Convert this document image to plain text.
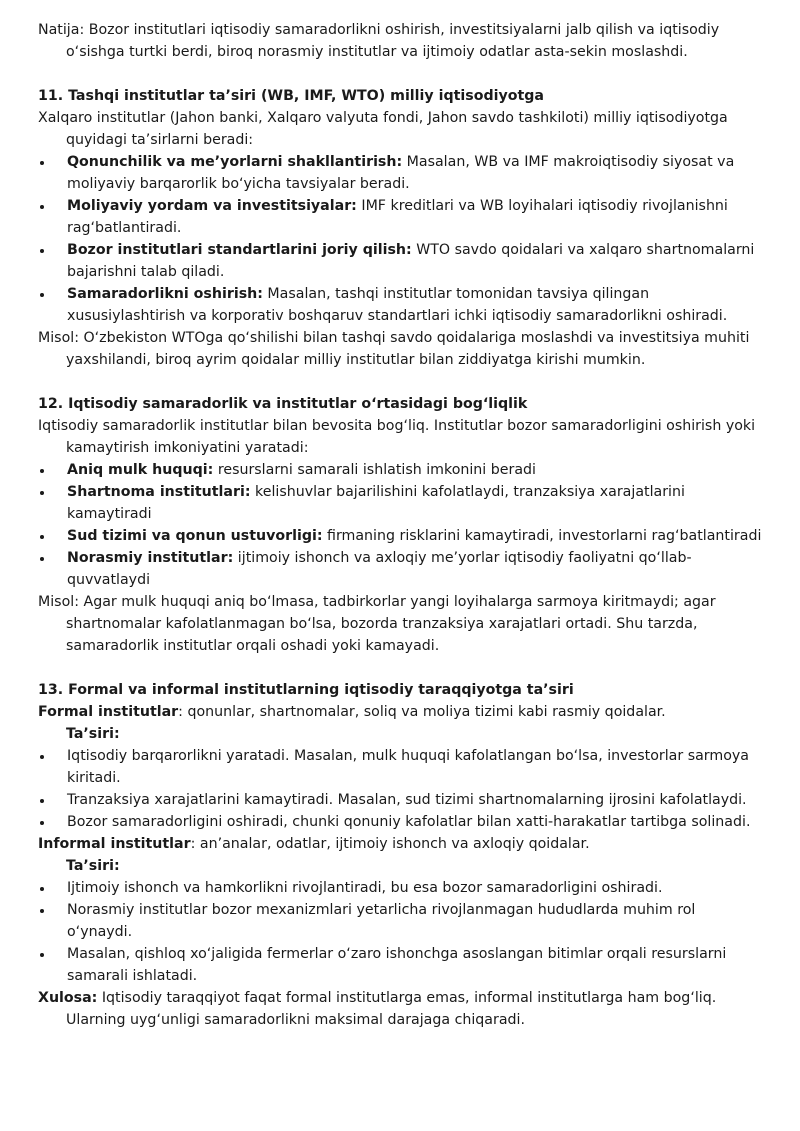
Natija: Bozor institutlari iqtisodiy samaradorlikni oshirish, investitsiyalarni jalb qilish va iqtisodiy o‘sishga turtki berdi, biroq norasmiy institutlar va ijtimoiy odatlar asta-sekin moslashdi.

11. Tashqi institutlar ta’siri (WB, IMF, WTO) milliy iqtisodiyotga

Xalqaro institutlar (Jahon banki, Xalqaro valyuta fondi, Jahon savdo tashkiloti) milliy iqtisodiyotga quyidagi ta’sirlarni beradi:

Qonunchilik va me’yorlarni shakllantirish: Masalan, WB va IMF makroiqtisodiy siyosat va moliyaviy barqarorlik bo‘yicha tavsiyalar beradi.
Moliyaviy yordam va investitsiyalar: IMF kreditlari va WB loyihalari iqtisodiy rivojlanishni rag‘batlantiradi.
Bozor institutlari standartlarini joriy qilish: WTO savdo qoidalari va xalqaro shartnomalarni bajarishni talab qiladi.
Samaradorlikni oshirish: Masalan, tashqi institutlar tomonidan tavsiya qilingan xususiylashtirish va korporativ boshqaruv standartlari ichki iqtisodiy samaradorlikni oshiradi.

Misol: O‘zbekiston WTOga qo‘shilishi bilan tashqi savdo qoidalariga moslashdi va investitsiya muhiti yaxshilandi, biroq ayrim qoidalar milliy institutlar bilan ziddiyatga kirishi mumkin.

12. Iqtisodiy samaradorlik va institutlar o‘rtasidagi bog‘liqlik

Iqtisodiy samaradorlik institutlar bilan bevosita bog‘liq. Institutlar bozor samaradorligini oshirish yoki kamaytirish imkoniyatini yaratadi:

Aniq mulk huquqi: resurslarni samarali ishlatish imkonini beradi
Shartnoma institutlari: kelishuvlar bajarilishini kafolatlaydi, tranzaksiya xarajatlarini kamaytiradi
Sud tizimi va qonun ustuvorligi: firmaning risklarini kamaytiradi, investorlarni rag‘batlantiradi
Norasmiy institutlar: ijtimoiy ishonch va axloqiy me’yorlar iqtisodiy faoliyatni qo‘llab-quvvatlaydi

Misol: Agar mulk huquqi aniq bo‘lmasa, tadbirkorlar yangi loyihalarga sarmoya kiritmaydi; agar shartnomalar kafolatlanmagan bo‘lsa, bozorda tranzaksiya xarajatlari ortadi. Shu tarzda, samaradorlik institutlar orqali oshadi yoki kamayadi.

13. Formal va informal institutlarning iqtisodiy taraqqiyotga ta’siri

Formal institutlar: qonunlar, shartnomalar, soliq va moliya tizimi kabi rasmiy qoidalar.

Ta’siri:

Iqtisodiy barqarorlikni yaratadi. Masalan, mulk huquqi kafolatlangan bo‘lsa, investorlar sarmoya kiritadi.
Tranzaksiya xarajatlarini kamaytiradi. Masalan, sud tizimi shartnomalarning ijrosini kafolatlaydi.
Bozor samaradorligini oshiradi, chunki qonuniy kafolatlar bilan xatti-harakatlar tartibga solinadi.

Informal institutlar: an’analar, odatlar, ijtimoiy ishonch va axloqiy qoidalar.

Ta’siri:

Ijtimoiy ishonch va hamkorlikni rivojlantiradi, bu esa bozor samaradorligini oshiradi.
Norasmiy institutlar bozor mexanizmlari yetarlicha rivojlanmagan hududlarda muhim rol o‘ynaydi.
Masalan, qishloq xo‘jaligida fermerlar o‘zaro ishonchga asoslangan bitimlar orqali resurslarni samarali ishlatadi.

Xulosa: Iqtisodiy taraqqiyot faqat formal institutlarga emas, informal institutlarga ham bog‘liq. Ularning uyg‘unligi samaradorlikni maksimal darajaga chiqaradi.
